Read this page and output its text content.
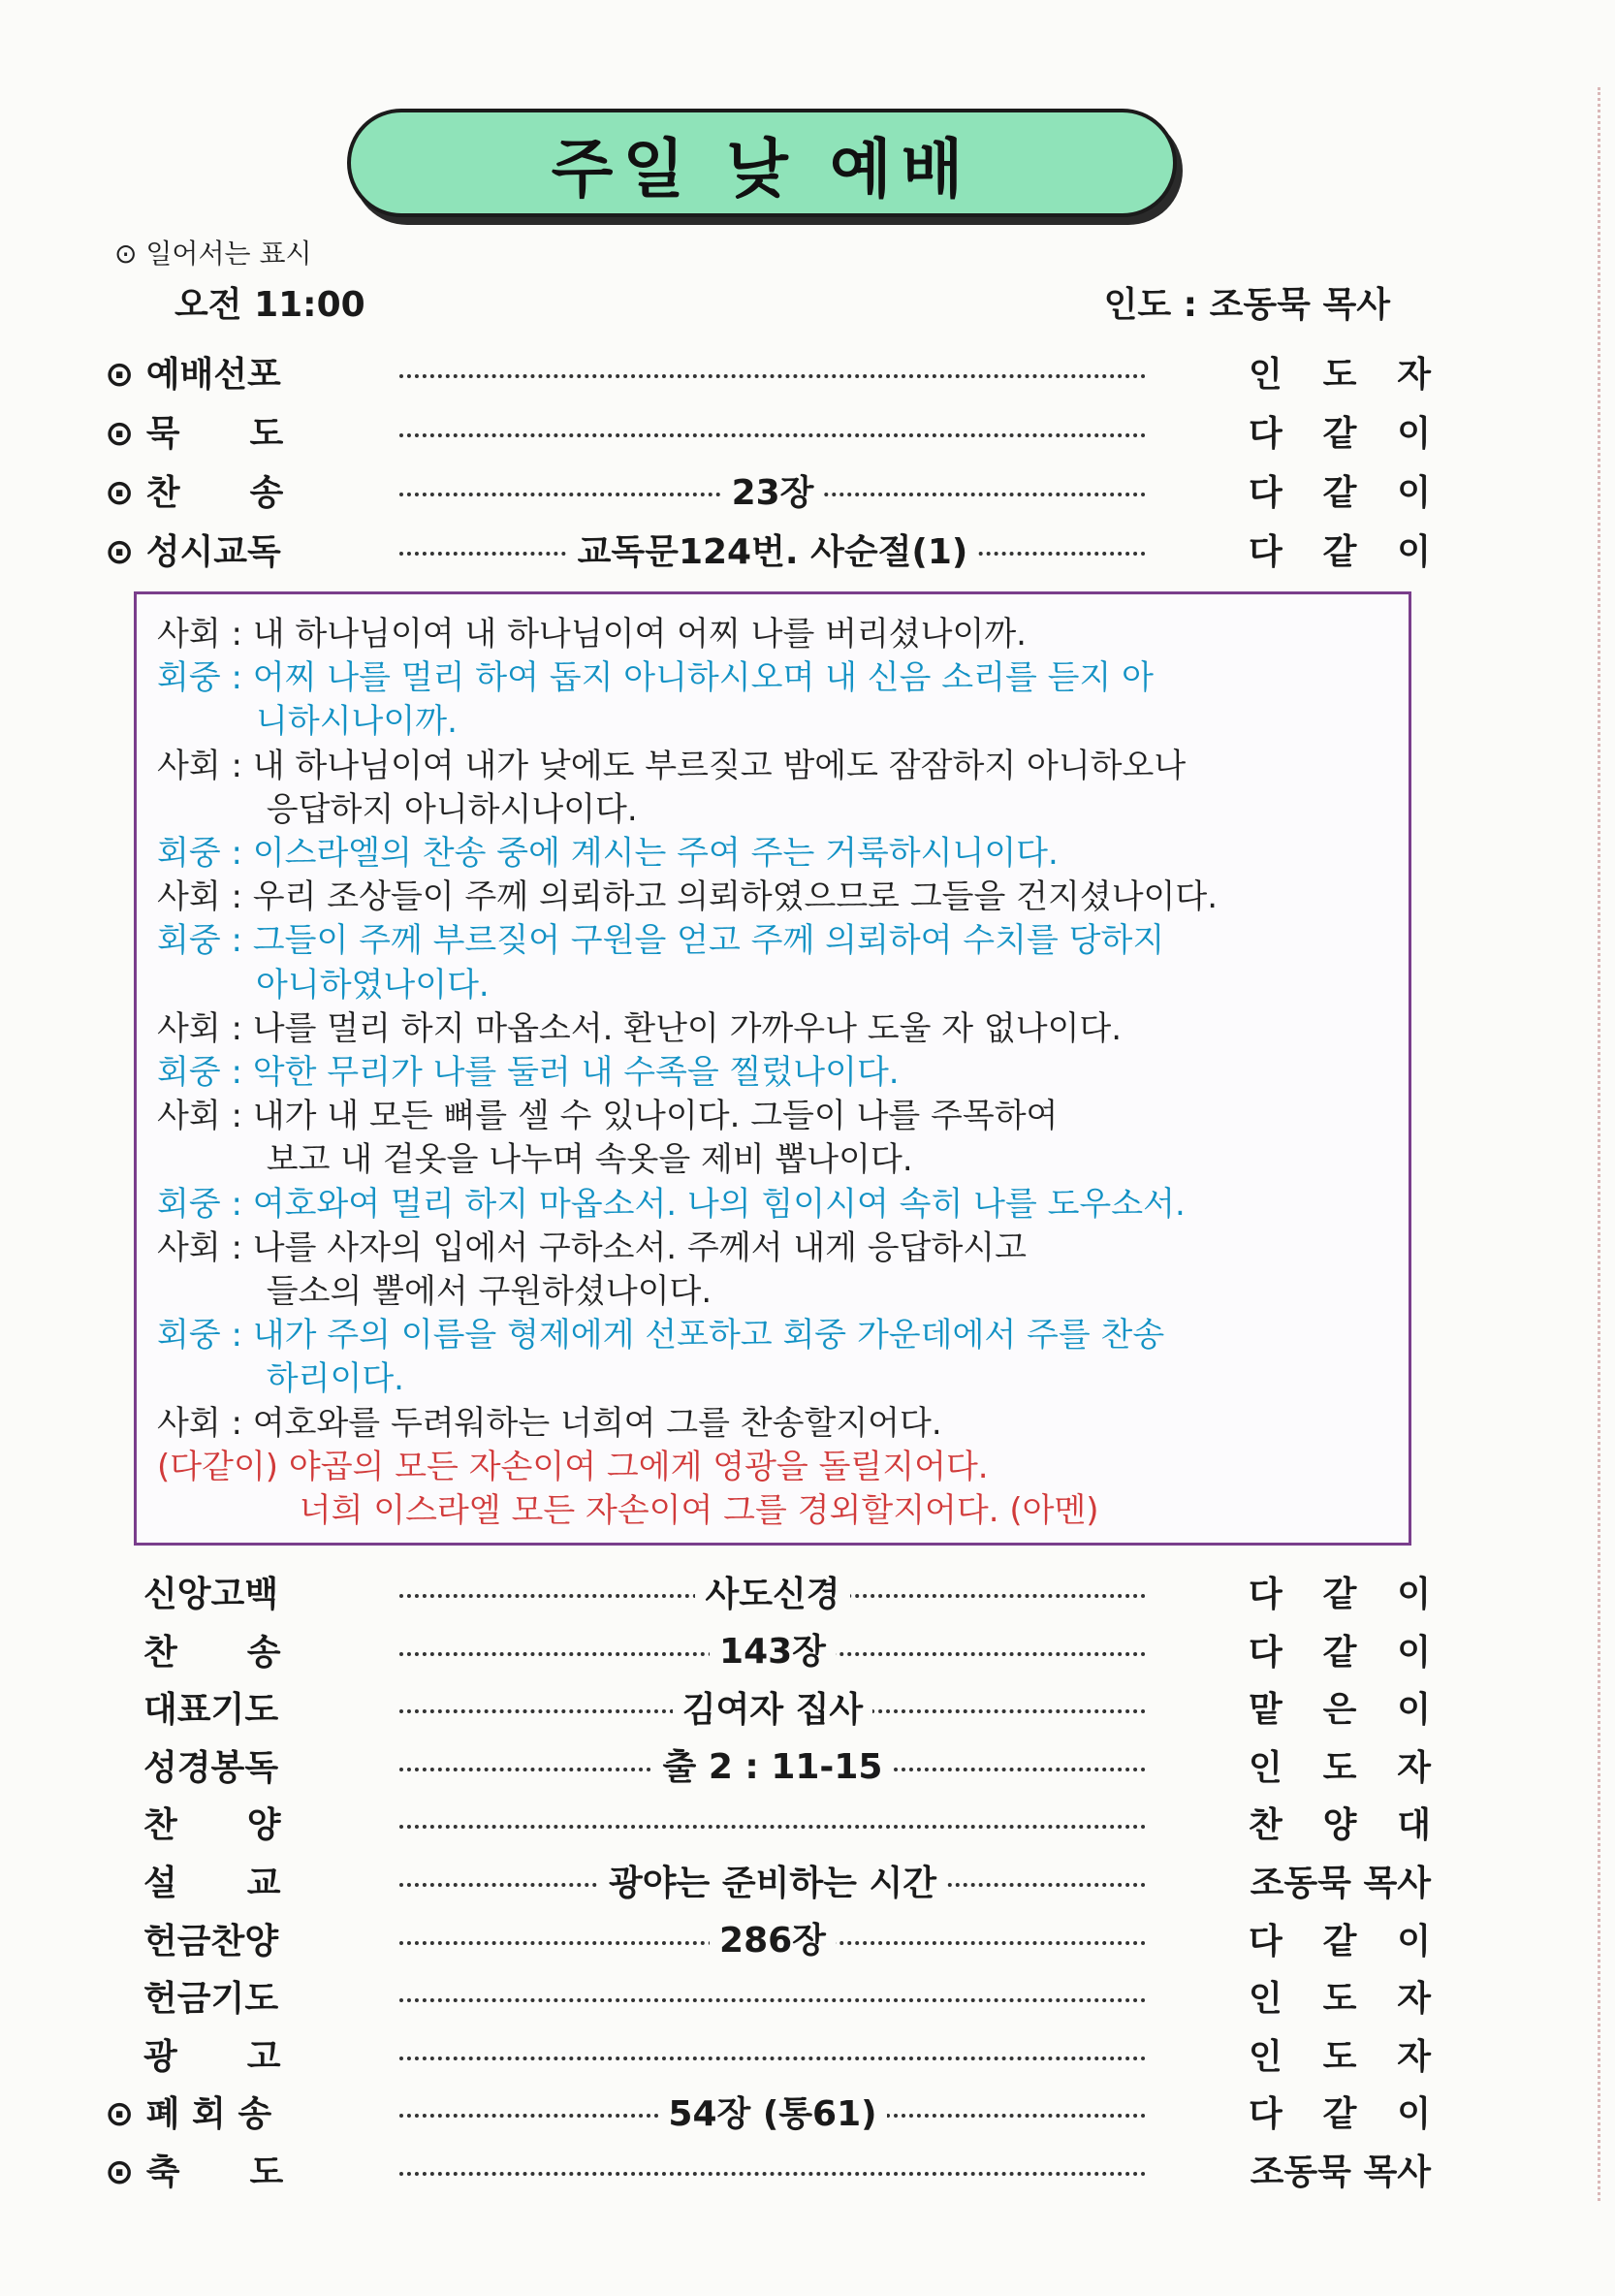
주일 낮 예배
⊙ 일어서는 표시
오전 11:00	인도 : 조동묵 목사
⊙ 예배선포	인 도 자
⊙ 묵　　도	다 같 이
⊙ 찬　　송	23장	다 같 이
⊙ 성시교독	교독문124번. 사순절(1)	다 같 이
사회 : 내 하나님이여 내 하나님이여 어찌 나를 버리셨나이까.
회중 : 어찌 나를 멀리 하여 돕지 아니하시오며 내 신음 소리를 듣지 아
　　　니하시나이까.
사회 : 내 하나님이여 내가 낮에도 부르짖고 밤에도 잠잠하지 아니하오나
　　　 응답하지 아니하시나이다.
회중 : 이스라엘의 찬송 중에 계시는 주여 주는 거룩하시니이다.
사회 : 우리 조상들이 주께 의뢰하고 의뢰하였으므로 그들을 건지셨나이다.
회중 : 그들이 주께 부르짖어 구원을 얻고 주께 의뢰하여 수치를 당하지
　　　아니하였나이다.
사회 : 나를 멀리 하지 마옵소서. 환난이 가까우나 도울 자 없나이다.
회중 : 악한 무리가 나를 둘러 내 수족을 찔렀나이다.
사회 : 내가 내 모든 뼈를 셀 수 있나이다. 그들이 나를 주목하여
　　　 보고 내 겉옷을 나누며 속옷을 제비 뽑나이다.
회중 : 여호와여 멀리 하지 마옵소서. 나의 힘이시여 속히 나를 도우소서.
사회 : 나를 사자의 입에서 구하소서. 주께서 내게 응답하시고
　　　 들소의 뿔에서 구원하셨나이다.
회중 : 내가 주의 이름을 형제에게 선포하고 회중 가운데에서 주를 찬송
　　　 하리이다.
사회 : 여호와를 두려워하는 너희여 그를 찬송할지어다.
(다같이) 야곱의 모든 자손이여 그에게 영광을 돌릴지어다.
　　　　 너희 이스라엘 모든 자손이여 그를 경외할지어다. (아멘)
신앙고백	사도신경	다 같 이
찬　　송	143장	다 같 이
대표기도	김여자 집사	맡 은 이
성경봉독	출 2 : 11-15	인 도 자
찬　　양	찬 양 대
설　　교	광야는 준비하는 시간	조동묵 목사
헌금찬양	286장	다 같 이
헌금기도	인 도 자
광　　고	인 도 자
⊙ 폐 회 송	54장 (통61)	다 같 이
⊙ 축　　도	조동묵 목사
